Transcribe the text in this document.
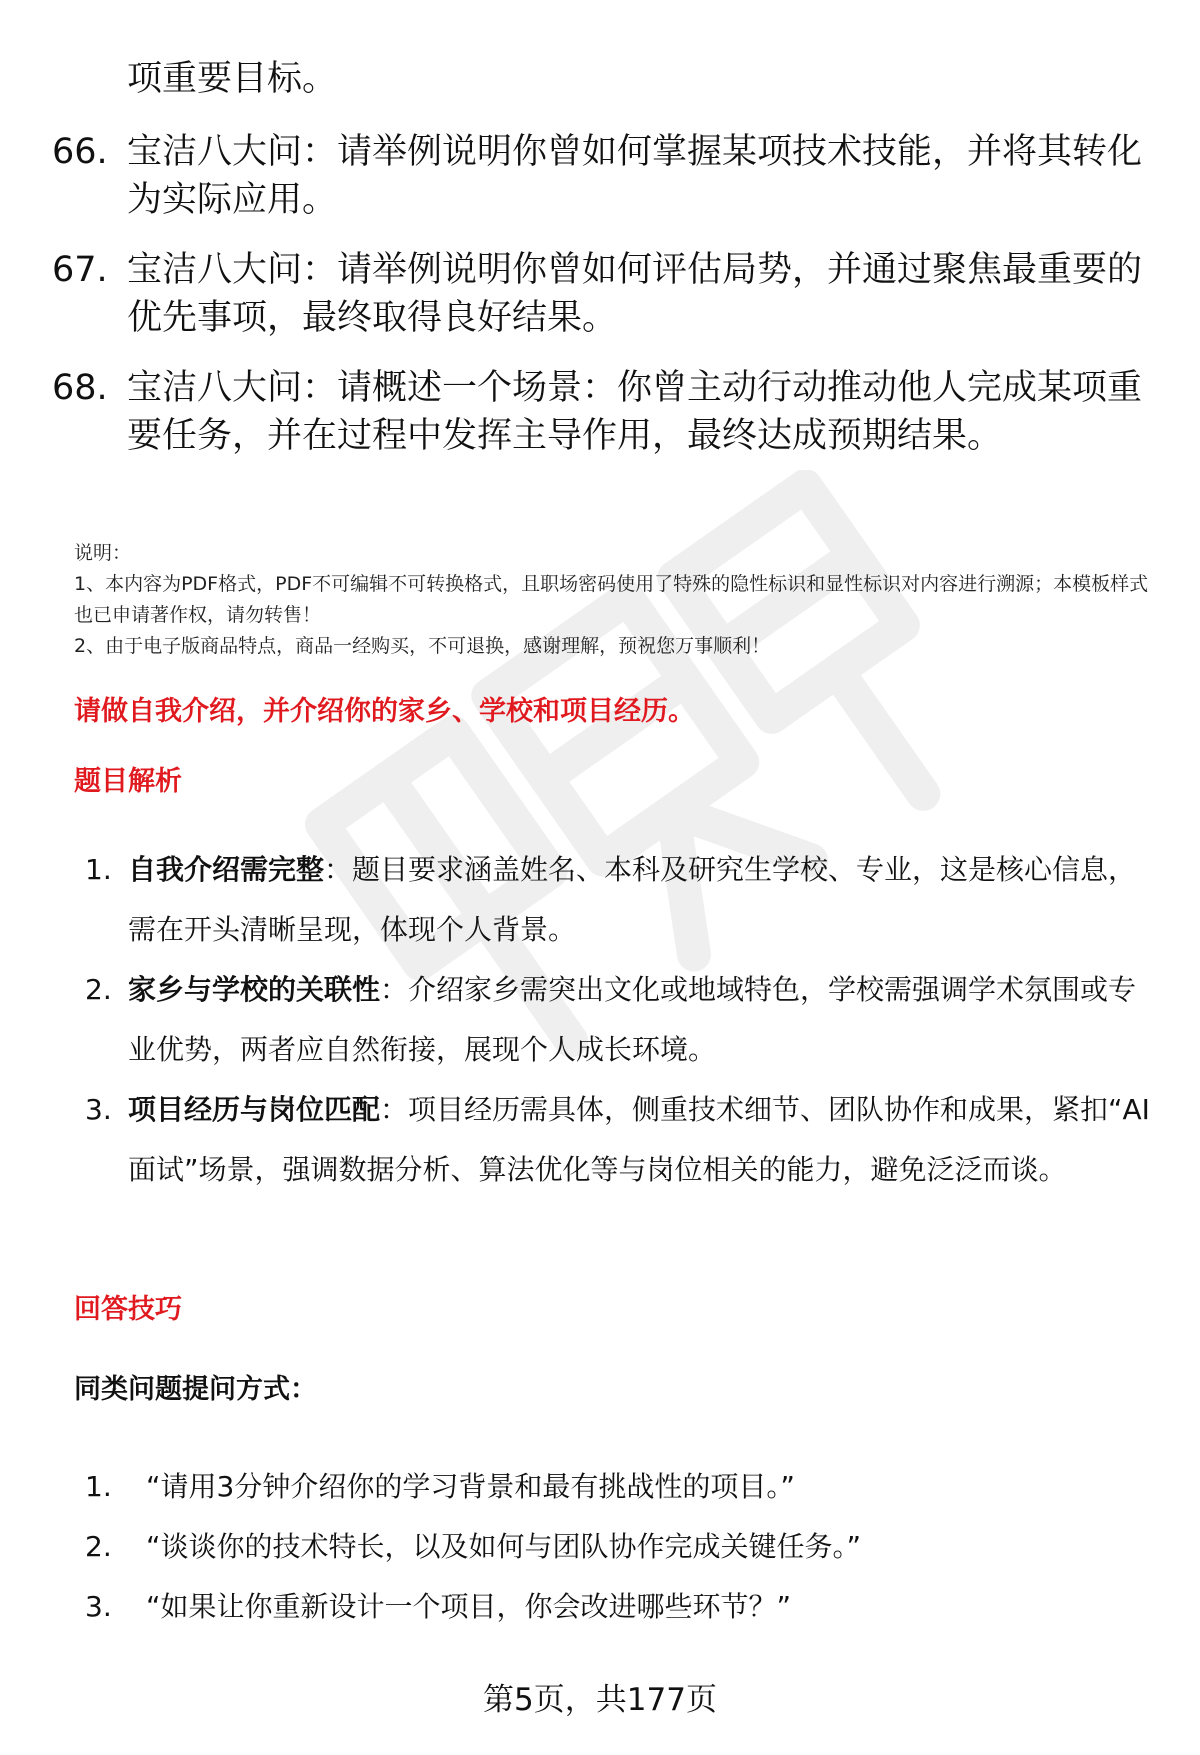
项重要目标。
66. 宝洁八大问：请举例说明你曾如何掌握某项技术技能，并将其转化为实际应用。
67. 宝洁八大问：请举例说明你曾如何评估局势，并通过聚焦最重要的优先事项，最终取得良好结果。
68. 宝洁八大问：请概述一个场景：你曾主动行动推动他人完成某项重要任务，并在过程中发挥主导作用，最终达成预期结果。
说明：
1、本内容为PDF格式，PDF不可编辑不可转换格式，且职场密码使用了特殊的隐性标识和显性标识对内容进行溯源；本模板样式也已申请著作权，请勿转售！
2、由于电子版商品特点，商品一经购买，不可退换，感谢理解，预祝您万事顺利！
请做自我介绍，并介绍你的家乡、学校和项目经历。
题目解析
1. 自我介绍需完整：题目要求涵盖姓名、本科及研究生学校、专业，这是核心信息，需在开头清晰呈现，体现个人背景。
2. 家乡与学校的关联性：介绍家乡需突出文化或地域特色，学校需强调学术氛围或专业优势，两者应自然衔接，展现个人成长环境。
3. 项目经历与岗位匹配：项目经历需具体，侧重技术细节、团队协作和成果，紧扣“AI面试”场景，强调数据分析、算法优化等与岗位相关的能力，避免泛泛而谈。
回答技巧
同类问题提问方式：
1. “请用3分钟介绍你的学习背景和最有挑战性的项目。”
2. “谈谈你的技术特长，以及如何与团队协作完成关键任务。”
3. “如果让你重新设计一个项目，你会改进哪些环节？”
第5页，共177页
